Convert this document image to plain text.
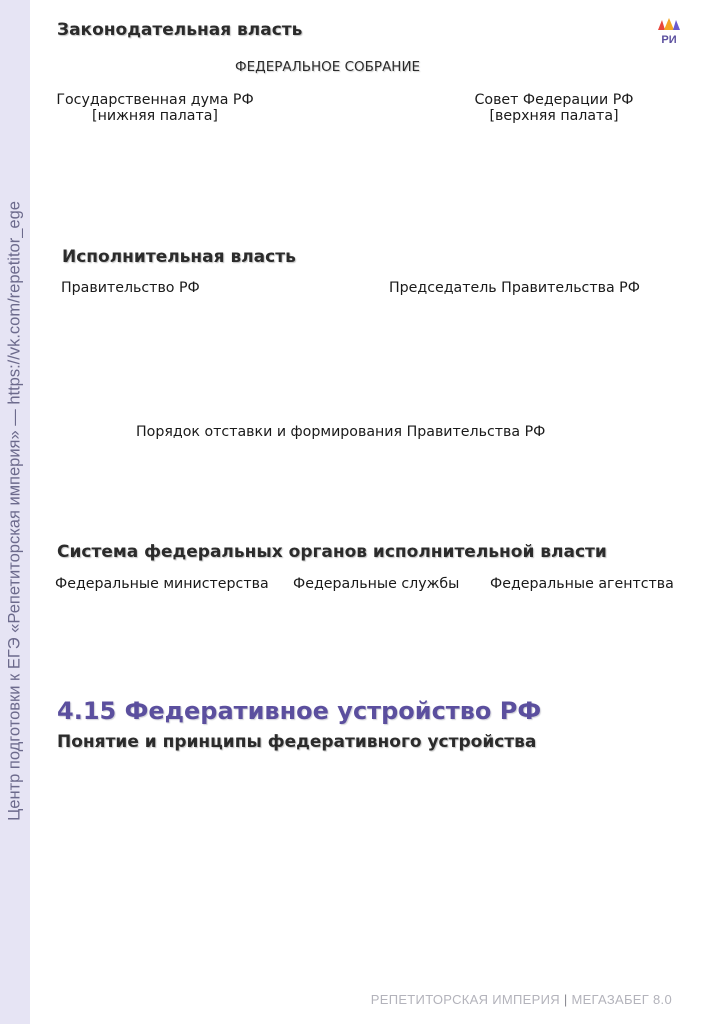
Центр подготовки к ЕГЭ «Репетиторская империя» — https://vk.com/repetitor_ege
РИ
Законодательная власть
ФЕДЕРАЛЬНОЕ СОБРАНИЕ
Государственная дума РФ
[нижняя палата]
Совет Федерации РФ
[верхняя палата]
Исполнительная власть
Правительство РФ	Председатель Правительства РФ
Порядок отставки и формирования Правительства РФ
Система федеральных органов исполнительной власти
Федеральные министерства Федеральные службы Федеральные агентства
4.15 Федеративное устройство РФ
Понятие и принципы федеративного устройства
РЕПЕТИТОРСКАЯ ИМПЕРИЯ | МЕГАЗАБЕГ 8.0
